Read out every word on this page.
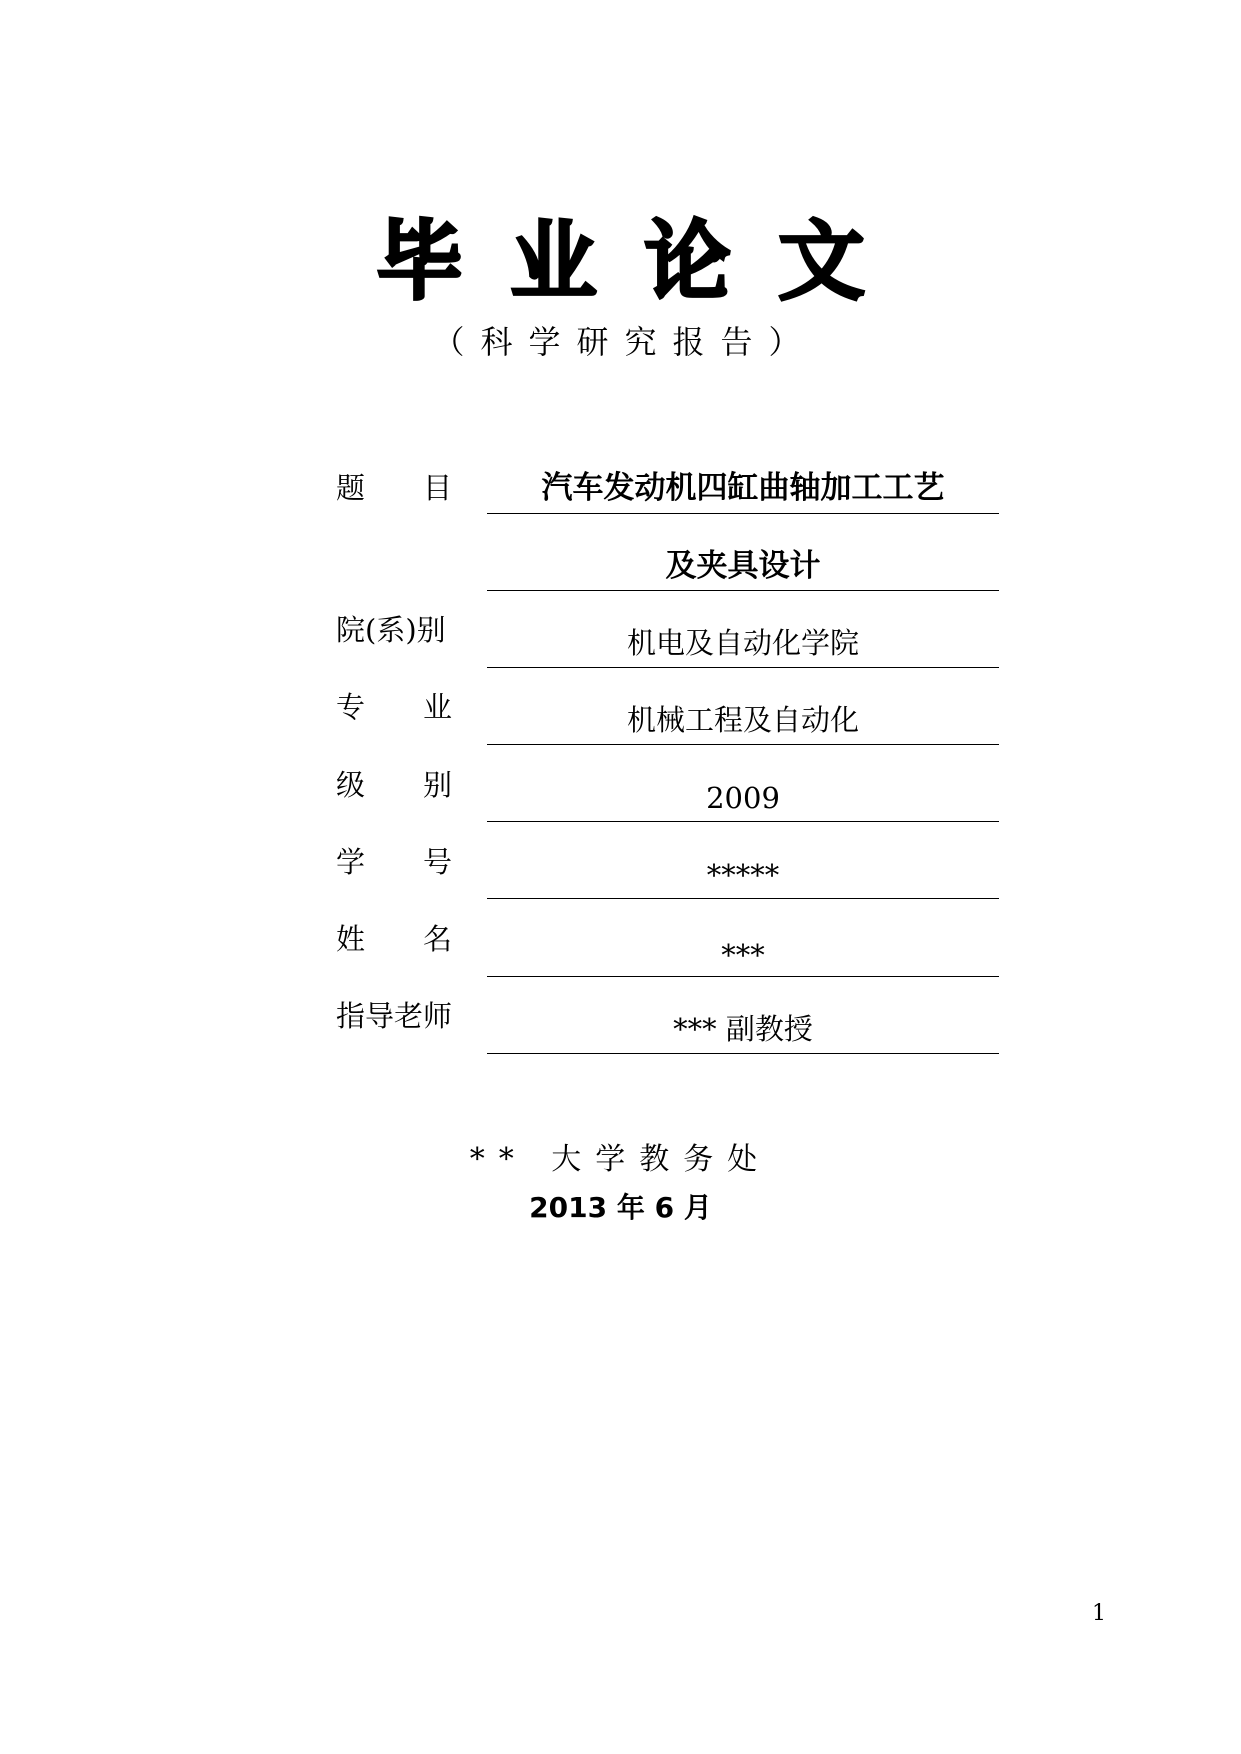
毕业论文
（科学研究报告）
题 目	汽车发动机四缸曲轴加工工艺
及夹具设计
院(系)别	机电及自动化学院
专 业	机械工程及自动化
级 别	2009
学 号	*****
姓 名	***
指导老师	*** 副教授
** 大学教务处
2013 年 6 月
1
